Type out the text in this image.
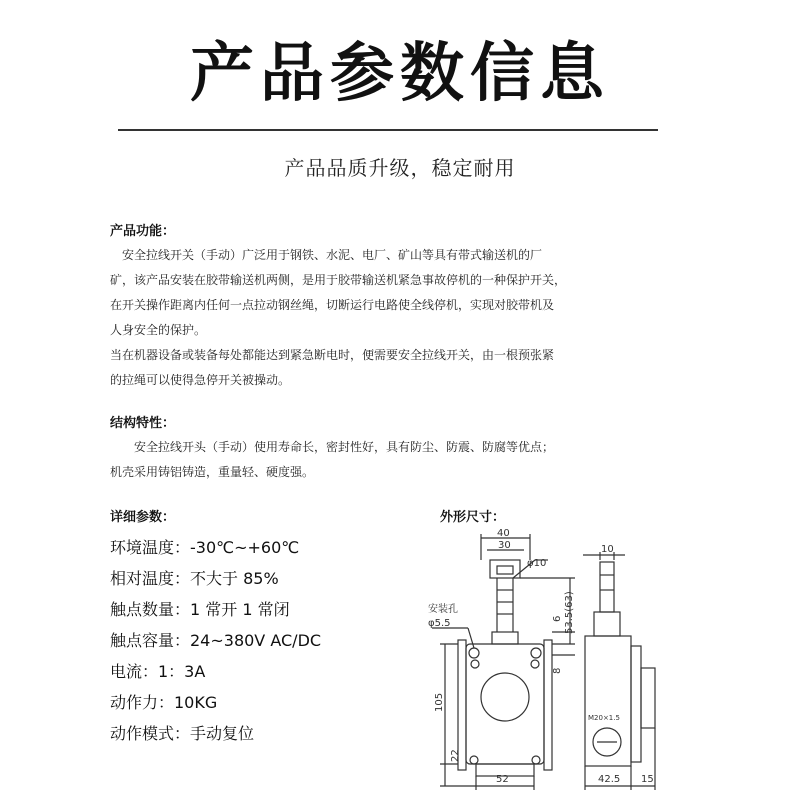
产品参数信息
产品品质升级，稳定耐用
产品功能：
　安全拉线开关（手动）广泛用于钢铁、水泥、电厂、矿山等具有带式输送机的厂
矿，该产品安装在胶带输送机两侧，是用于胶带输送机紧急事故停机的一种保护开关，
在开关操作距离内任何一点拉动钢丝绳，切断运行电路使全线停机，实现对胶带机及
人身安全的保护。
当在机器设备或装备每处都能达到紧急断电时，便需要安全拉线开关，由一根预张紧
的拉绳可以使得急停开关被操动。
结构特性：
　　安全拉线开头（手动）使用寿命长，密封性好，具有防尘、防震、防腐等优点；
机壳采用铸铝铸造，重量轻、硬度强。
详细参数：
环境温度：-30℃~+60℃
相对温度：不大于 85%
触点数量：1 常开 1 常闭
触点容量：24~380V AC/DC
电流：1：3A
动作力：10KG
动作模式：手动复位
外形尺寸：
40
30
φ10
安装孔
φ5.5	6 53.5(63)
8
105
22
52
10
M20×1.5
42.5 15
